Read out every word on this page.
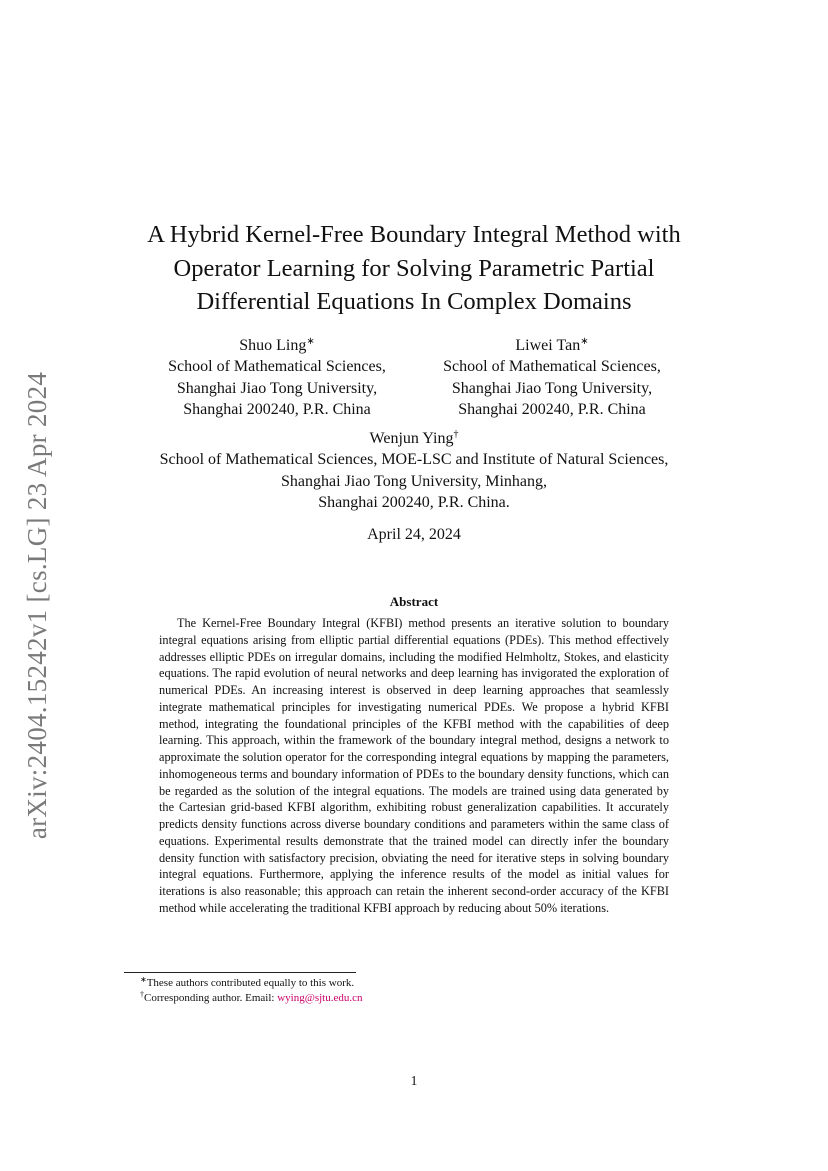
arXiv:2404.15242v1 [cs.LG] 23 Apr 2024
A Hybrid Kernel-Free Boundary Integral Method with
Operator Learning for Solving Parametric Partial
Differential Equations In Complex Domains
Shuo Ling∗
School of Mathematical Sciences,
Shanghai Jiao Tong University,
Shanghai 200240, P.R. China
Liwei Tan∗
School of Mathematical Sciences,
Shanghai Jiao Tong University,
Shanghai 200240, P.R. China
Wenjun Ying†
School of Mathematical Sciences, MOE-LSC and Institute of Natural Sciences,
Shanghai Jiao Tong University, Minhang,
Shanghai 200240, P.R. China.
April 24, 2024
Abstract

The Kernel-Free Boundary Integral (KFBI) method presents an iterative solution to boundary integral equations arising from elliptic partial differential equations (PDEs). This method effectively addresses elliptic PDEs on irregular domains, including the modified Helmholtz, Stokes, and elasticity equations. The rapid evolution of neural networks and deep learning has invigorated the exploration of numerical PDEs. An increasing interest is observed in deep learning approaches that seamlessly integrate mathematical principles for investigating numerical PDEs. We propose a hybrid KFBI method, integrating the foundational principles of the KFBI method with the capabilities of deep learning. This approach, within the framework of the boundary integral method, designs a network to approximate the solution operator for the corresponding integral equations by mapping the parameters, inhomogeneous terms and boundary information of PDEs to the boundary density functions, which can be regarded as the solution of the integral equations. The models are trained using data generated by the Cartesian grid-based KFBI algorithm, exhibiting robust generalization capabilities. It accurately predicts density functions across diverse boundary conditions and parameters within the same class of equations. Experimental results demonstrate that the trained model can directly infer the boundary density function with satisfactory precision, obviating the need for iterative steps in solving boundary integral equations. Furthermore, applying the inference results of the model as initial values for iterations is also reasonable; this approach can retain the inherent second-order accuracy of the KFBI method while accelerating the traditional KFBI approach by reducing about 50% iterations.

∗These authors contributed equally to this work.
†Corresponding author. Email: wying@sjtu.edu.cn
1
